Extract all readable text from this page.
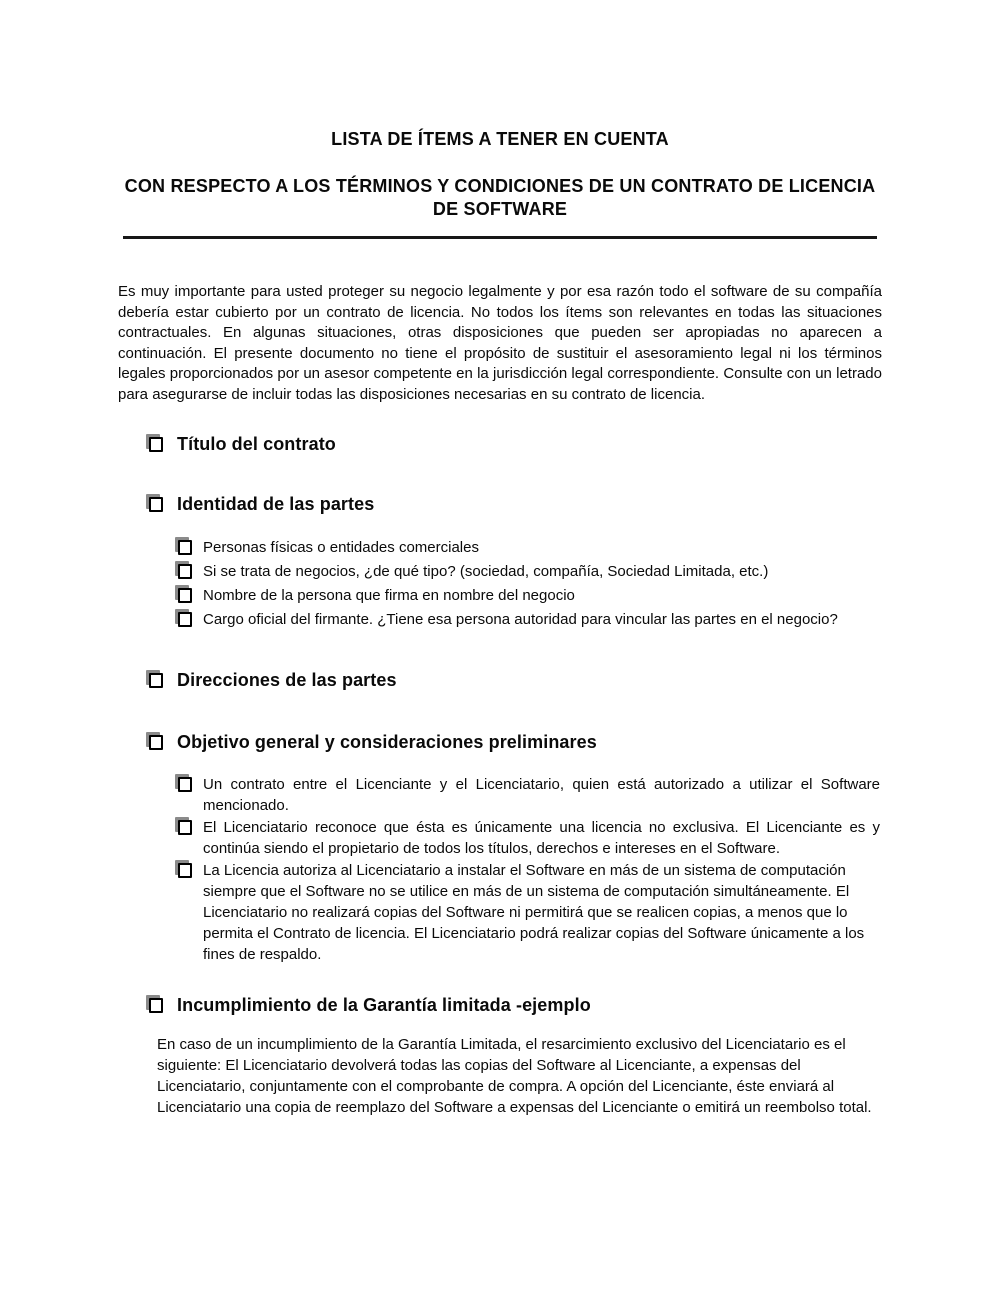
LISTA DE ÍTEMS A TENER EN CUENTA
CON RESPECTO A LOS TÉRMINOS Y CONDICIONES DE UN CONTRATO DE LICENCIA DE SOFTWARE
Es muy importante para usted proteger su negocio legalmente y por esa razón todo el software de su compañía debería estar cubierto por un contrato de licencia. No todos los ítems son relevantes en todas las situaciones contractuales. En algunas situaciones, otras disposiciones que pueden ser apropiadas no aparecen a continuación. El presente documento no tiene el propósito de sustituir el asesoramiento legal ni los términos legales proporcionados por un asesor competente en la jurisdicción legal correspondiente. Consulte con un letrado para asegurarse de incluir todas las disposiciones necesarias en su contrato de licencia.
Título del contrato
Identidad de las partes
Personas físicas o entidades comerciales
Si se trata de negocios, ¿de qué tipo? (sociedad, compañía, Sociedad Limitada, etc.)
Nombre de la persona que firma en nombre del negocio
Cargo oficial del firmante. ¿Tiene esa persona autoridad para vincular las partes en el negocio?
Direcciones de las partes
Objetivo general y consideraciones preliminares
Un contrato entre el Licenciante y el Licenciatario, quien está autorizado a utilizar el Software mencionado.
El Licenciatario reconoce que ésta es únicamente una licencia no exclusiva. El Licenciante es y continúa siendo el propietario de todos los títulos, derechos e intereses en el Software.
La Licencia autoriza al Licenciatario a instalar el Software en más de un sistema de computación siempre que el Software no se utilice en más de un sistema de computación simultáneamente. El Licenciatario no realizará copias del Software ni permitirá que se realicen copias, a menos que lo permita el Contrato de licencia. El Licenciatario podrá realizar copias del Software únicamente a los fines de respaldo.
Incumplimiento de la Garantía limitada -ejemplo
En caso de un incumplimiento de la Garantía Limitada, el resarcimiento exclusivo del Licenciatario es el siguiente: El Licenciatario devolverá todas las copias del Software al Licenciante, a expensas del Licenciatario, conjuntamente con el comprobante de compra. A opción del Licenciante, éste enviará al Licenciatario una copia de reemplazo del Software a expensas del Licenciante o emitirá un reembolso total.
